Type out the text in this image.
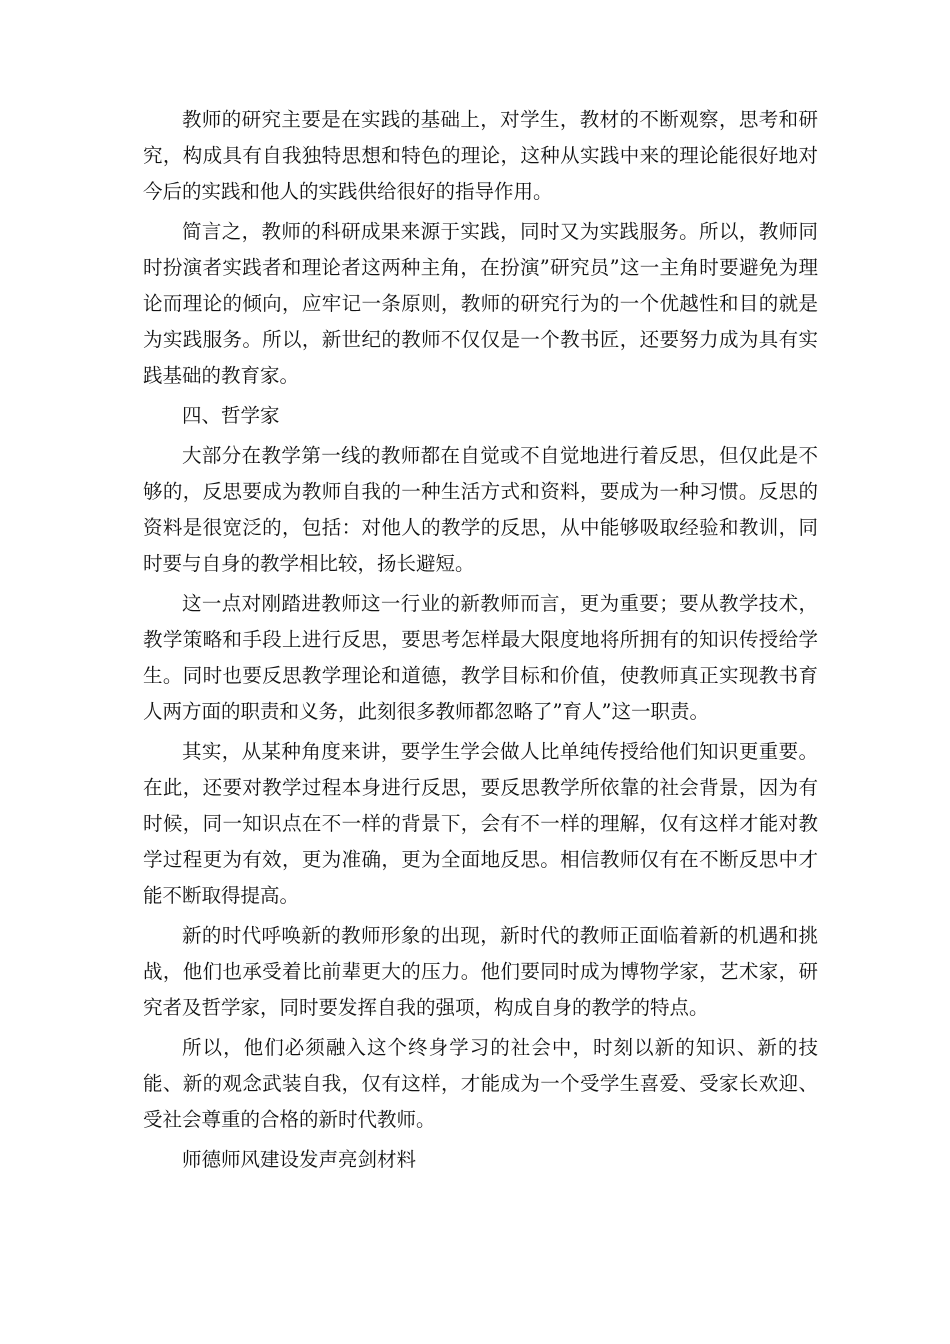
教师的研究主要是在实践的基础上，对学生，教材的不断观察，思考和研究，构成具有自我独特思想和特色的理论，这种从实践中来的理论能很好地对今后的实践和他人的实践供给很好的指导作用。

简言之，教师的科研成果来源于实践，同时又为实践服务。所以，教师同时扮演者实践者和理论者这两种主角，在扮演”研究员”这一主角时要避免为理论而理论的倾向，应牢记一条原则，教师的研究行为的一个优越性和目的就是为实践服务。所以，新世纪的教师不仅仅是一个教书匠，还要努力成为具有实践基础的教育家。

四、哲学家

大部分在教学第一线的教师都在自觉或不自觉地进行着反思，但仅此是不够的，反思要成为教师自我的一种生活方式和资料，要成为一种习惯。反思的资料是很宽泛的，包括：对他人的教学的反思，从中能够吸取经验和教训，同时要与自身的教学相比较，扬长避短。

这一点对刚踏进教师这一行业的新教师而言，更为重要；要从教学技术，教学策略和手段上进行反思，要思考怎样最大限度地将所拥有的知识传授给学生。同时也要反思教学理论和道德，教学目标和价值，使教师真正实现教书育人两方面的职责和义务，此刻很多教师都忽略了”育人”这一职责。

其实，从某种角度来讲，要学生学会做人比单纯传授给他们知识更重要。在此，还要对教学过程本身进行反思，要反思教学所依靠的社会背景，因为有时候，同一知识点在不一样的背景下，会有不一样的理解，仅有这样才能对教学过程更为有效，更为准确，更为全面地反思。相信教师仅有在不断反思中才能不断取得提高。

新的时代呼唤新的教师形象的出现，新时代的教师正面临着新的机遇和挑战，他们也承受着比前辈更大的压力。他们要同时成为博物学家，艺术家，研究者及哲学家，同时要发挥自我的强项，构成自身的教学的特点。

所以，他们必须融入这个终身学习的社会中，时刻以新的知识、新的技能、新的观念武装自我，仅有这样，才能成为一个受学生喜爱、受家长欢迎、受社会尊重的合格的新时代教师。

师德师风建设发声亮剑材料
